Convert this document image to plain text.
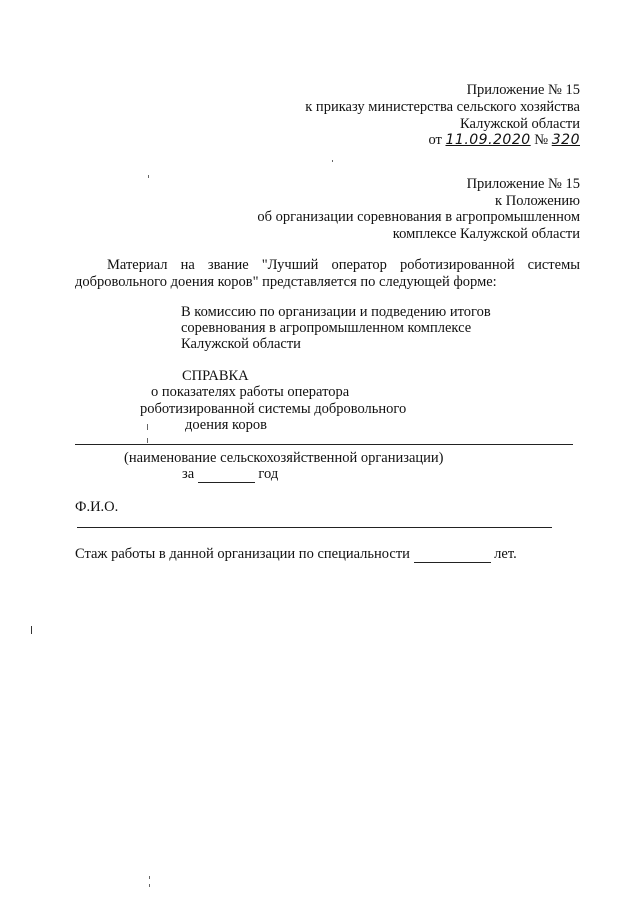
Приложение № 15
к приказу министерства сельского хозяйства
Калужской области
от 11.09.2020 № 320
Приложение № 15
к Положению
об организации соревнования в агропромышленном
комплексе Калужской области
Материал на звание "Лучший оператор роботизированной системы
добровольного доения коров" представляется по следующей форме:
В комиссию по организации и подведению итогов
соревнования в агропромышленном комплексе
Калужской области
СПРАВКА
о показателях работы оператора
роботизированной системы добровольного
доения коров
(наименование сельскохозяйственной организации)
за	год
Ф.И.О.
Стаж работы в данной организации по специальности	лет.
